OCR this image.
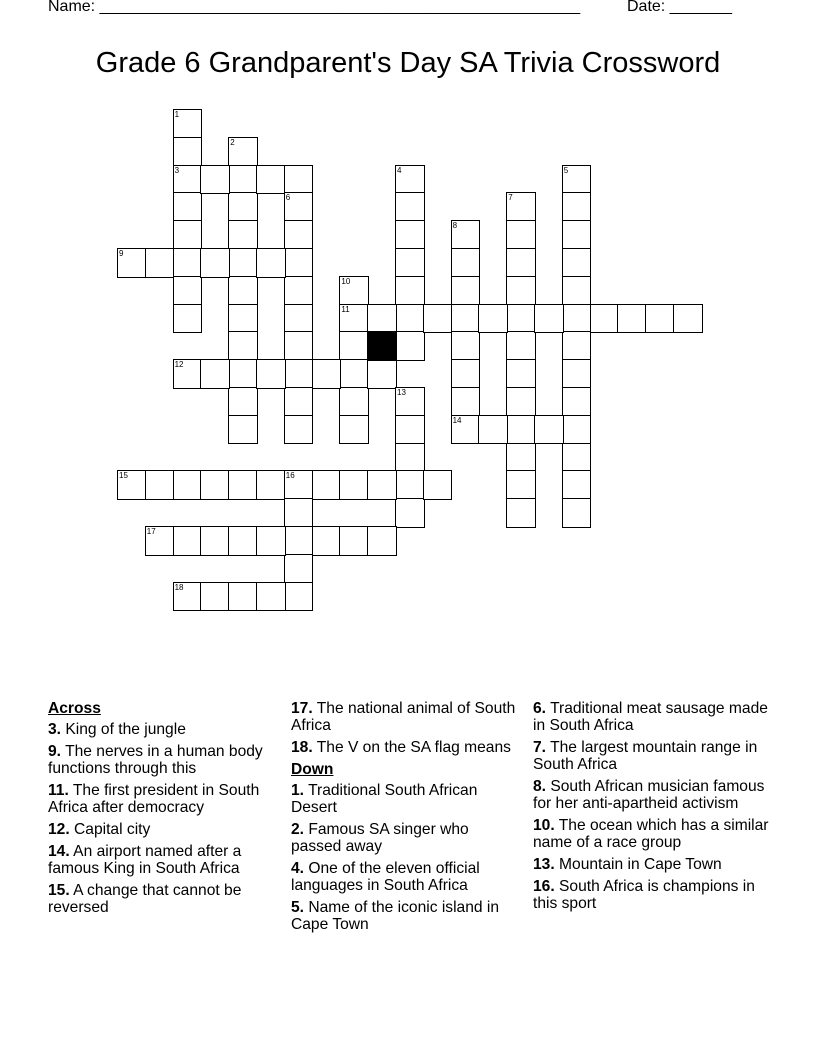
Name: ______________________________________________________	Date: _______
Grade 6 Grandparent's Day SA Trivia Crossword
1
3
2
4	5
6	7
8
14
9
10
11
12
13
15	16
17
18
Across
3. King of the jungle
9. The nerves in a human body functions through this
11. The first president in South Africa after democracy
12. Capital city
14. An airport named after a famous King in South Africa
15. A change that cannot be reversed
17. The national animal of South Africa
18. The V on the SA flag means
Down
1. Traditional South African Desert
2. Famous SA singer who passed away
4. One of the eleven official languages in South Africa
5. Name of the iconic island in Cape Town
6. Traditional meat sausage made in South Africa
7. The largest mountain range in South Africa
8. South African musician famous for her anti-apartheid activism
10. The ocean which has a similar name of a race group
13. Mountain in Cape Town
16. South Africa is champions in this sport
